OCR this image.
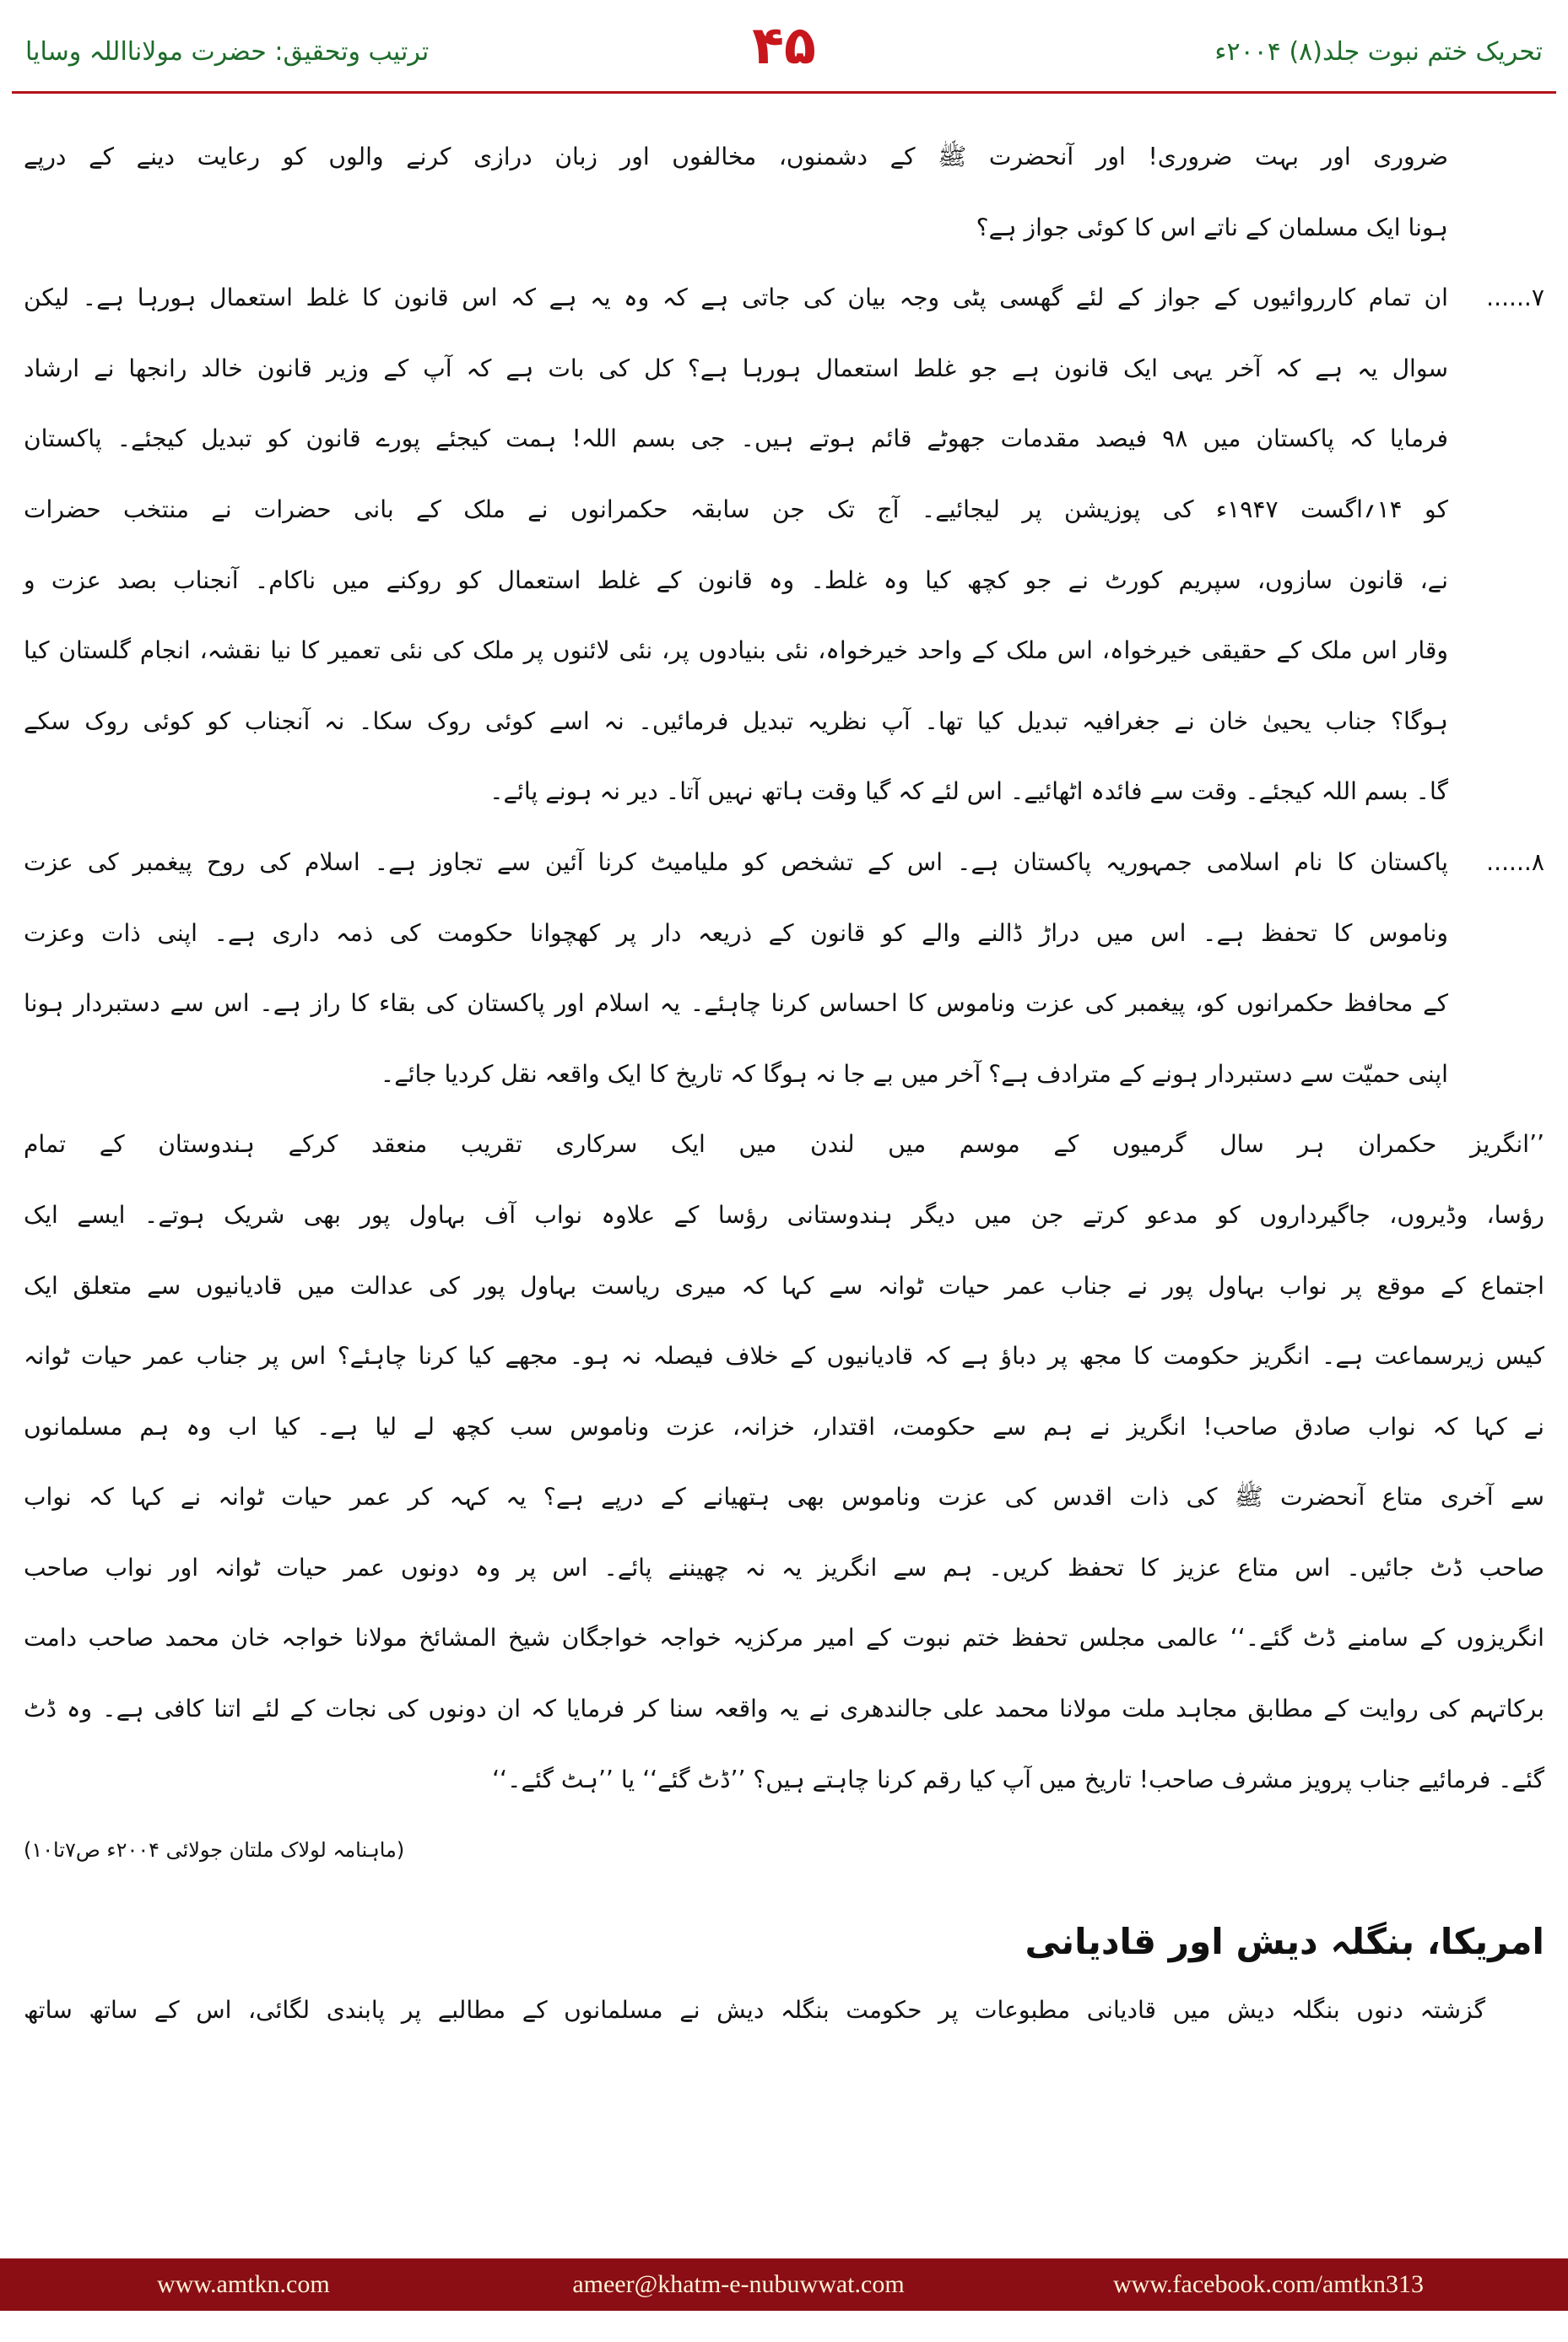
تحریک ختم نبوت جلد(۸) ۲۰۰۴ء
۴۵
ترتیب وتحقیق: حضرت مولانااللہ وسایا
ضروری اور بہت ضروری! اور آنحضرت ﷺ کے دشمنوں، مخالفوں اور زبان درازی کرنے والوں کو رعایت دینے کے درپے
ہونا ایک مسلمان کے ناتے اس کا کوئی جواز ہے؟
۷......
ان تمام کارروائیوں کے جواز کے لئے گھسی پٹی وجہ بیان کی جاتی ہے کہ وہ یہ ہے کہ اس قانون کا غلط استعمال ہورہا ہے۔ لیکن
سوال یہ ہے کہ آخر یہی ایک قانون ہے جو غلط استعمال ہورہا ہے؟ کل کی بات ہے کہ آپ کے وزیر قانون خالد رانجھا نے ارشاد
فرمایا کہ پاکستان میں ۹۸ فیصد مقدمات جھوٹے قائم ہوتے ہیں۔ جی بسم اللہ! ہمت کیجئے پورے قانون کو تبدیل کیجئے۔ پاکستان
کو ۱۴؍اگست ۱۹۴۷ء کی پوزیشن پر لیجائیے۔ آج تک جن سابقہ حکمرانوں نے ملک کے بانی حضرات نے منتخب حضرات
نے، قانون سازوں، سپریم کورٹ نے جو کچھ کیا وہ غلط۔ وہ قانون کے غلط استعمال کو روکنے میں ناکام۔ آنجناب بصد عزت و
وقار اس ملک کے حقیقی خیرخواہ، اس ملک کے واحد خیرخواہ، نئی بنیادوں پر، نئی لائنوں پر ملک کی نئی تعمیر کا نیا نقشہ، انجام گلستان کیا
ہوگا؟ جناب یحییٰ خان نے جغرافیہ تبدیل کیا تھا۔ آپ نظریہ تبدیل فرمائیں۔ نہ اسے کوئی روک سکا۔ نہ آنجناب کو کوئی روک سکے
گا۔ بسم اللہ کیجئے۔ وقت سے فائدہ اٹھائیے۔ اس لئے کہ گیا وقت ہاتھ نہیں آتا۔ دیر نہ ہونے پائے۔
۸......
پاکستان کا نام اسلامی جمہوریہ پاکستان ہے۔ اس کے تشخص کو ملیامیٹ کرنا آئین سے تجاوز ہے۔ اسلام کی روح پیغمبر کی عزت
وناموس کا تحفظ ہے۔ اس میں دراڑ ڈالنے والے کو قانون کے ذریعہ دار پر کھچوانا حکومت کی ذمہ داری ہے۔ اپنی ذات وعزت
کے محافظ حکمرانوں کو، پیغمبر کی عزت وناموس کا احساس کرنا چاہئے۔ یہ اسلام اور پاکستان کی بقاء کا راز ہے۔ اس سے دستبردار ہونا
اپنی حمیّت سے دستبردار ہونے کے مترادف ہے؟ آخر میں بے جا نہ ہوگا کہ تاریخ کا ایک واقعہ نقل کردیا جائے۔
’’انگریز حکمران ہر سال گرمیوں کے موسم میں لندن میں ایک سرکاری تقریب منعقد کرکے ہندوستان کے تمام
رؤسا، وڈیروں، جاگیرداروں کو مدعو کرتے جن میں دیگر ہندوستانی رؤسا کے علاوہ نواب آف بہاول پور بھی شریک ہوتے۔ ایسے ایک
اجتماع کے موقع پر نواب بہاول پور نے جناب عمر حیات ٹوانہ سے کہا کہ میری ریاست بہاول پور کی عدالت میں قادیانیوں سے متعلق ایک
کیس زیرسماعت ہے۔ انگریز حکومت کا مجھ پر دباؤ ہے کہ قادیانیوں کے خلاف فیصلہ نہ ہو۔ مجھے کیا کرنا چاہئے؟ اس پر جناب عمر حیات ٹوانہ
نے کہا کہ نواب صادق صاحب! انگریز نے ہم سے حکومت، اقتدار، خزانہ، عزت وناموس سب کچھ لے لیا ہے۔ کیا اب وہ ہم مسلمانوں
سے آخری متاع آنحضرت ﷺ کی ذات اقدس کی عزت وناموس بھی ہتھیانے کے درپے ہے؟ یہ کہہ کر عمر حیات ٹوانہ نے کہا کہ نواب
صاحب ڈٹ جائیں۔ اس متاع عزیز کا تحفظ کریں۔ ہم سے انگریز یہ نہ چھیننے پائے۔ اس پر وہ دونوں عمر حیات ٹوانہ اور نواب صاحب
انگریزوں کے سامنے ڈٹ گئے۔‘‘ عالمی مجلس تحفظ ختم نبوت کے امیر مرکزیہ خواجہ خواجگان شیخ المشائخ مولانا خواجہ خان محمد صاحب دامت
برکاتہم کی روایت کے مطابق مجاہد ملت مولانا محمد علی جالندھری نے یہ واقعہ سنا کر فرمایا کہ ان دونوں کی نجات کے لئے اتنا کافی ہے۔ وہ ڈٹ
گئے۔ فرمائیے جناب پرویز مشرف صاحب! تاریخ میں آپ کیا رقم کرنا چاہتے ہیں؟ ’’ڈٹ گئے‘‘ یا ’’ہٹ گئے۔‘‘
(ماہنامہ لولاک ملتان جولائی ۲۰۰۴ء ص۷تا۱۰)
امریکا، بنگلہ دیش اور قادیانی
گزشتہ دنوں بنگلہ دیش میں قادیانی مطبوعات پر حکومت بنگلہ دیش نے مسلمانوں کے مطالبے پر پابندی لگائی، اس کے ساتھ ساتھ
www.amtkn.com	ameer@khatm-e-nubuwwat.com	www.facebook.com/amtkn313
